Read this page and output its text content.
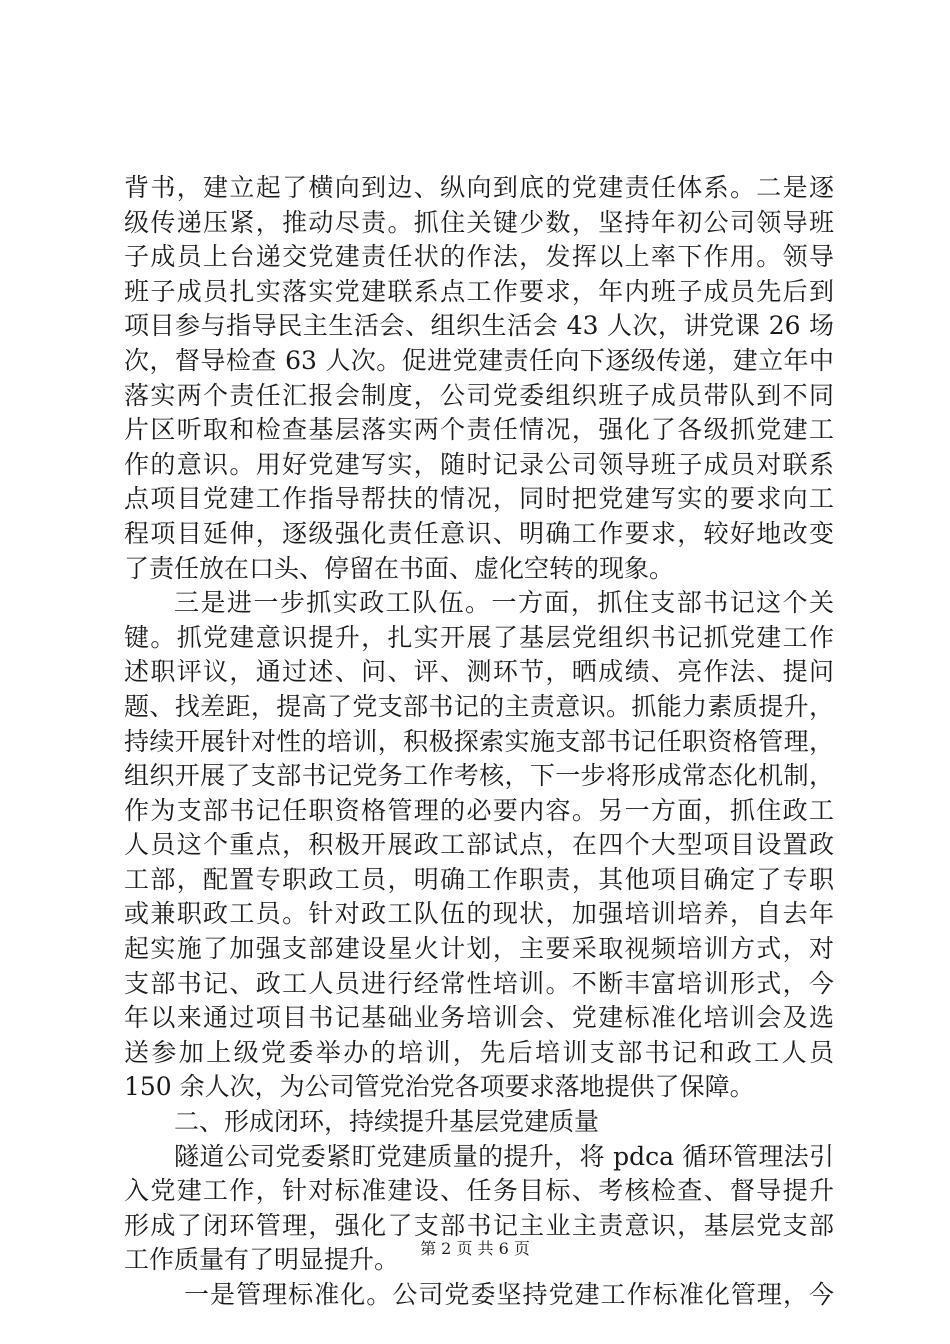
背书，建立起了横向到边、纵向到底的党建责任体系。二是逐
级传递压紧，推动尽责。抓住关键少数，坚持年初公司领导班
子成员上台递交党建责任状的作法，发挥以上率下作用。领导
班子成员扎实落实党建联系点工作要求，年内班子成员先后到
项目参与指导民主生活会、组织生活会 43 人次，讲党课 26 场
次，督导检查 63 人次。促进党建责任向下逐级传递，建立年中
落实两个责任汇报会制度，公司党委组织班子成员带队到不同
片区听取和检查基层落实两个责任情况，强化了各级抓党建工
作的意识。用好党建写实，随时记录公司领导班子成员对联系
点项目党建工作指导帮扶的情况，同时把党建写实的要求向工
程项目延伸，逐级强化责任意识、明确工作要求，较好地改变
了责任放在口头、停留在书面、虚化空转的现象。
三是进一步抓实政工队伍。一方面，抓住支部书记这个关
键。抓党建意识提升，扎实开展了基层党组织书记抓党建工作
述职评议，通过述、问、评、测环节，晒成绩、亮作法、提问
题、找差距，提高了党支部书记的主责意识。抓能力素质提升，
持续开展针对性的培训，积极探索实施支部书记任职资格管理，
组织开展了支部书记党务工作考核，下一步将形成常态化机制，
作为支部书记任职资格管理的必要内容。另一方面，抓住政工
人员这个重点，积极开展政工部试点，在四个大型项目设置政
工部，配置专职政工员，明确工作职责，其他项目确定了专职
或兼职政工员。针对政工队伍的现状，加强培训培养，自去年
起实施了加强支部建设星火计划，主要采取视频培训方式，对
支部书记、政工人员进行经常性培训。不断丰富培训形式，今
年以来通过项目书记基础业务培训会、党建标准化培训会及选
送参加上级党委举办的培训，先后培训支部书记和政工人员
150 余人次，为公司管党治党各项要求落地提供了保障。
二、形成闭环，持续提升基层党建质量
隧道公司党委紧盯党建质量的提升，将 pdca 循环管理法引
入党建工作，针对标准建设、任务目标、考核检查、督导提升
形成了闭环管理，强化了支部书记主业主责意识，基层党支部
工作质量有了明显提升。
一是管理标准化。公司党委坚持党建工作标准化管理，今
第 2 页 共 6 页
